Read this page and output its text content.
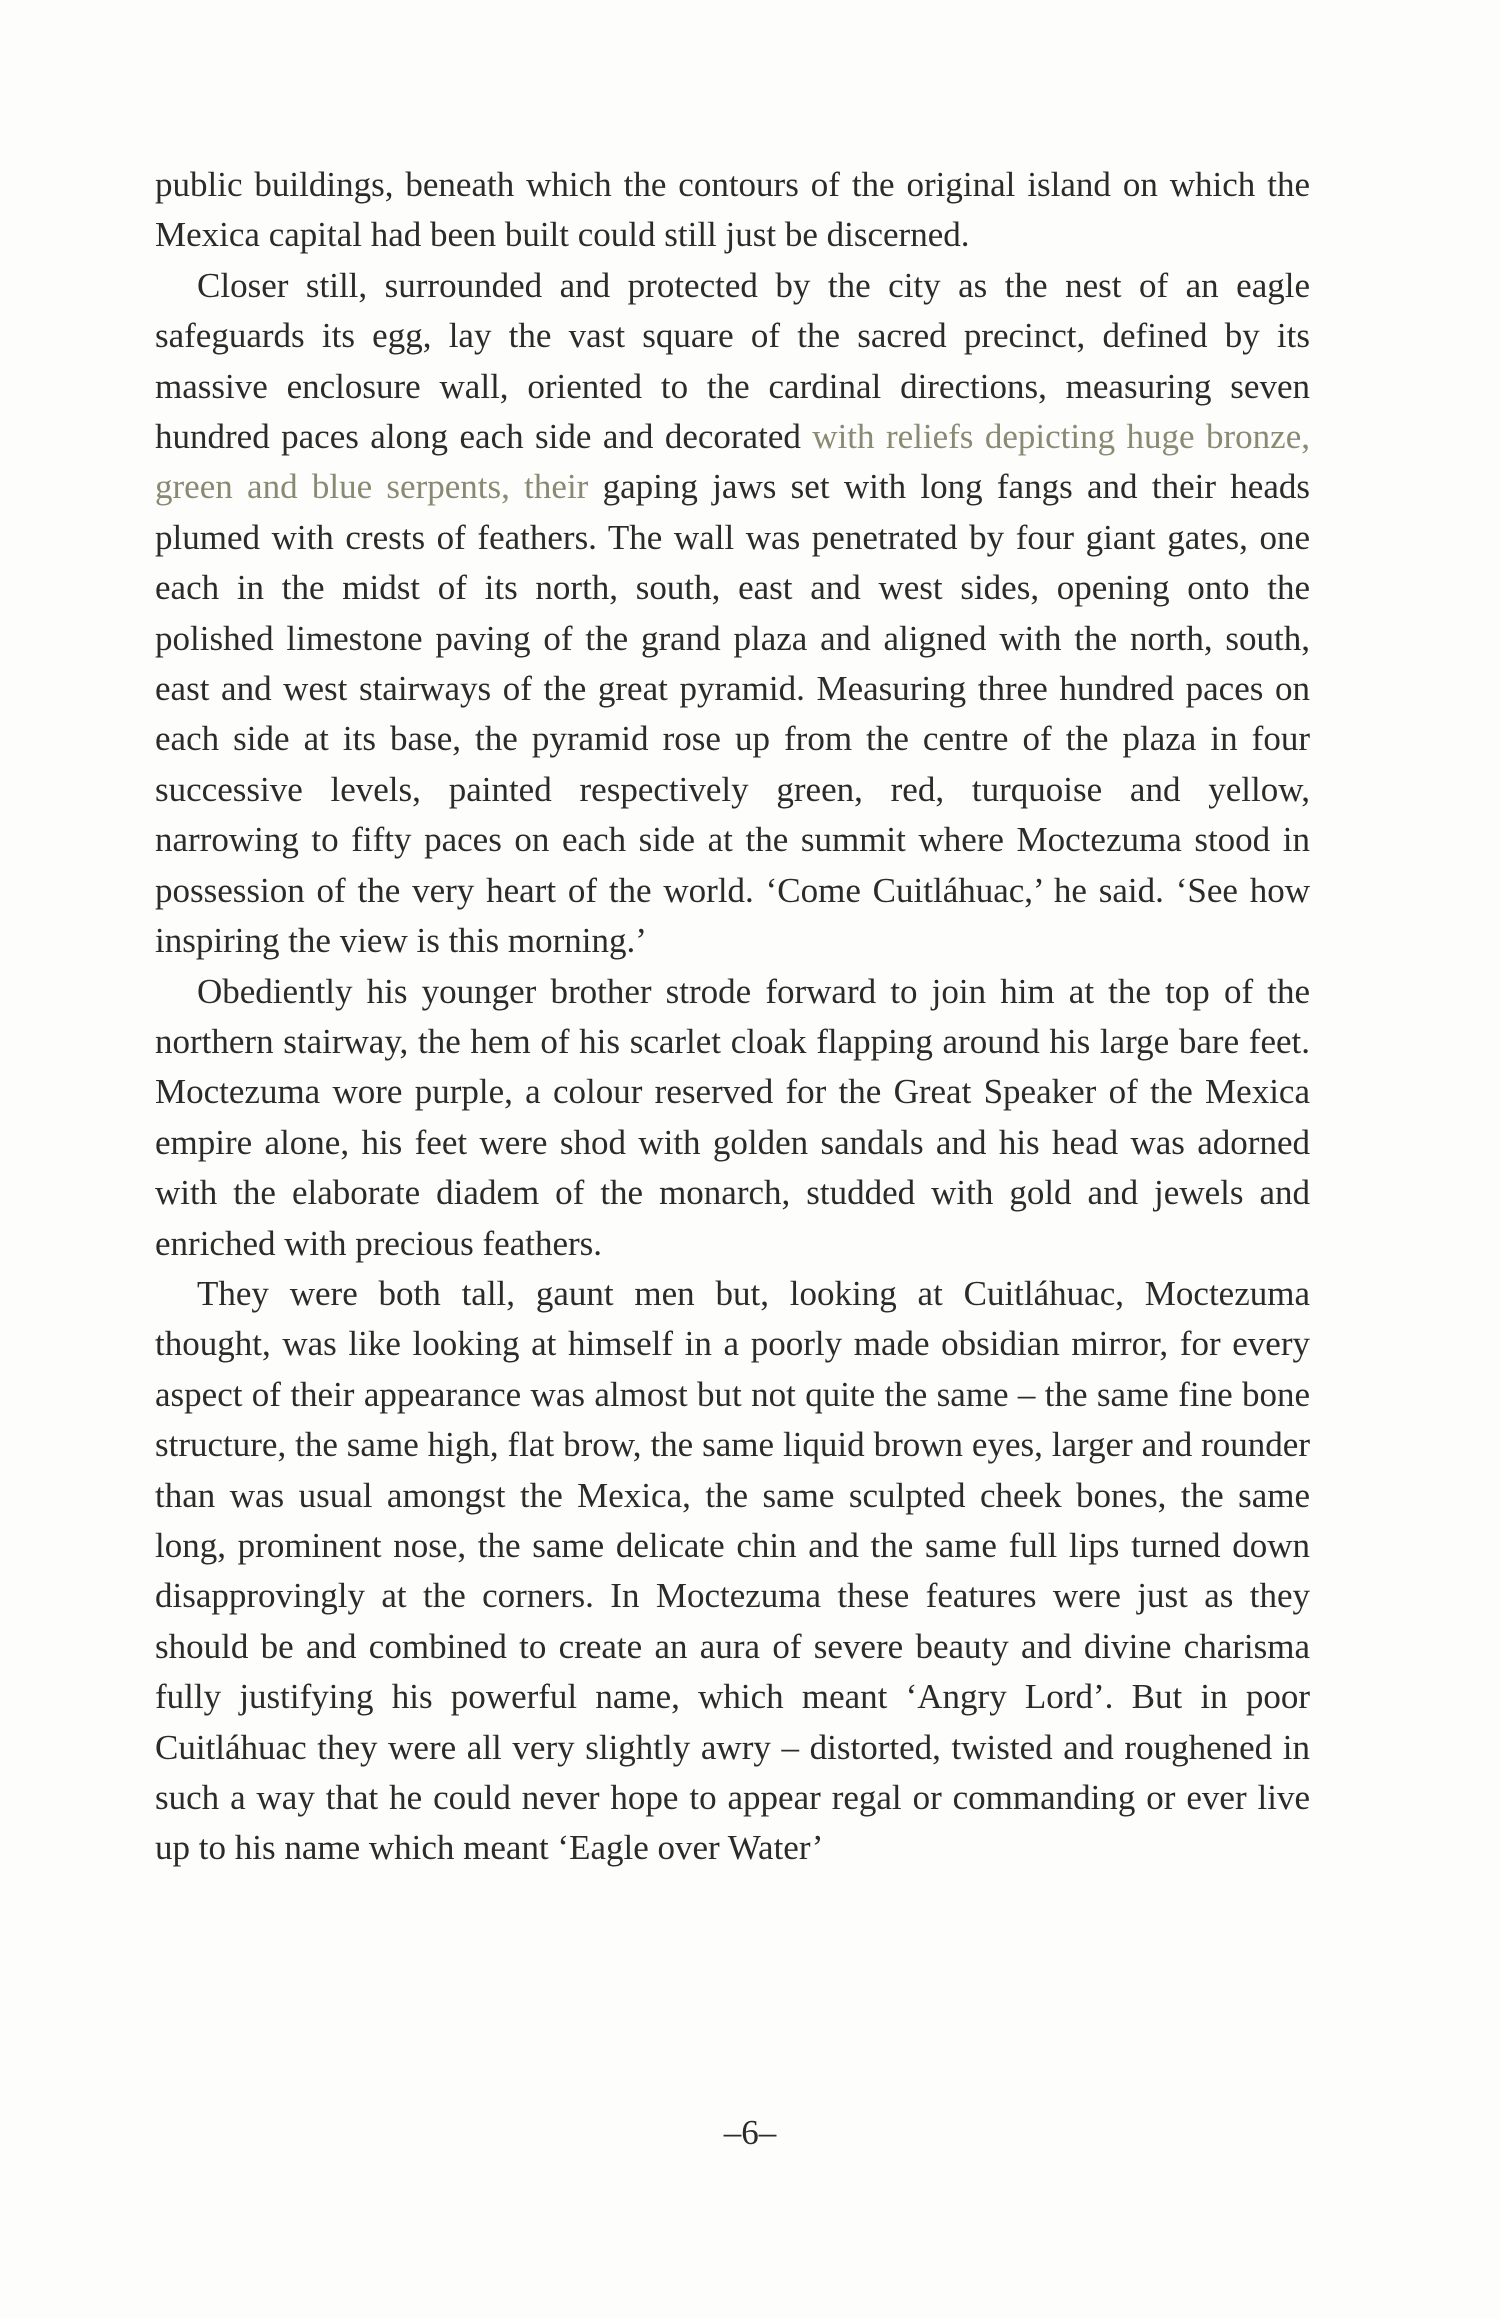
public buildings, beneath which the contours of the original island on which the Mexica capital had been built could still just be discerned.

Closer still, surrounded and protected by the city as the nest of an eagle safeguards its egg, lay the vast square of the sacred precinct, defined by its massive enclosure wall, oriented to the cardinal directions, measuring seven hundred paces along each side and decorated with reliefs depicting huge bronze, green and blue serpents, their gaping jaws set with long fangs and their heads plumed with crests of feathers. The wall was penetrated by four giant gates, one each in the midst of its north, south, east and west sides, opening onto the polished limestone paving of the grand plaza and aligned with the north, south, east and west stairways of the great pyramid. Measuring three hundred paces on each side at its base, the pyramid rose up from the centre of the plaza in four successive levels, painted respectively green, red, turquoise and yellow, narrowing to fifty paces on each side at the summit where Moctezuma stood in possession of the very heart of the world. ‘Come Cuitláhuac,’ he said. ‘See how inspiring the view is this morning.’

Obediently his younger brother strode forward to join him at the top of the northern stairway, the hem of his scarlet cloak flapping around his large bare feet. Moctezuma wore purple, a colour reserved for the Great Speaker of the Mexica empire alone, his feet were shod with golden sandals and his head was adorned with the elaborate diadem of the monarch, studded with gold and jewels and enriched with precious feathers.

They were both tall, gaunt men but, looking at Cuitláhuac, Moctezuma thought, was like looking at himself in a poorly made obsidian mirror, for every aspect of their appearance was almost but not quite the same – the same fine bone structure, the same high, flat brow, the same liquid brown eyes, larger and rounder than was usual amongst the Mexica, the same sculpted cheek bones, the same long, prominent nose, the same delicate chin and the same full lips turned down disapprovingly at the corners. In Moctezuma these features were just as they should be and combined to create an aura of severe beauty and divine charisma fully justifying his powerful name, which meant ‘Angry Lord’. But in poor Cuitláhuac they were all very slightly awry – distorted, twisted and roughened in such a way that he could never hope to appear regal or commanding or ever live up to his name which meant ‘Eagle over Water’

–6–
